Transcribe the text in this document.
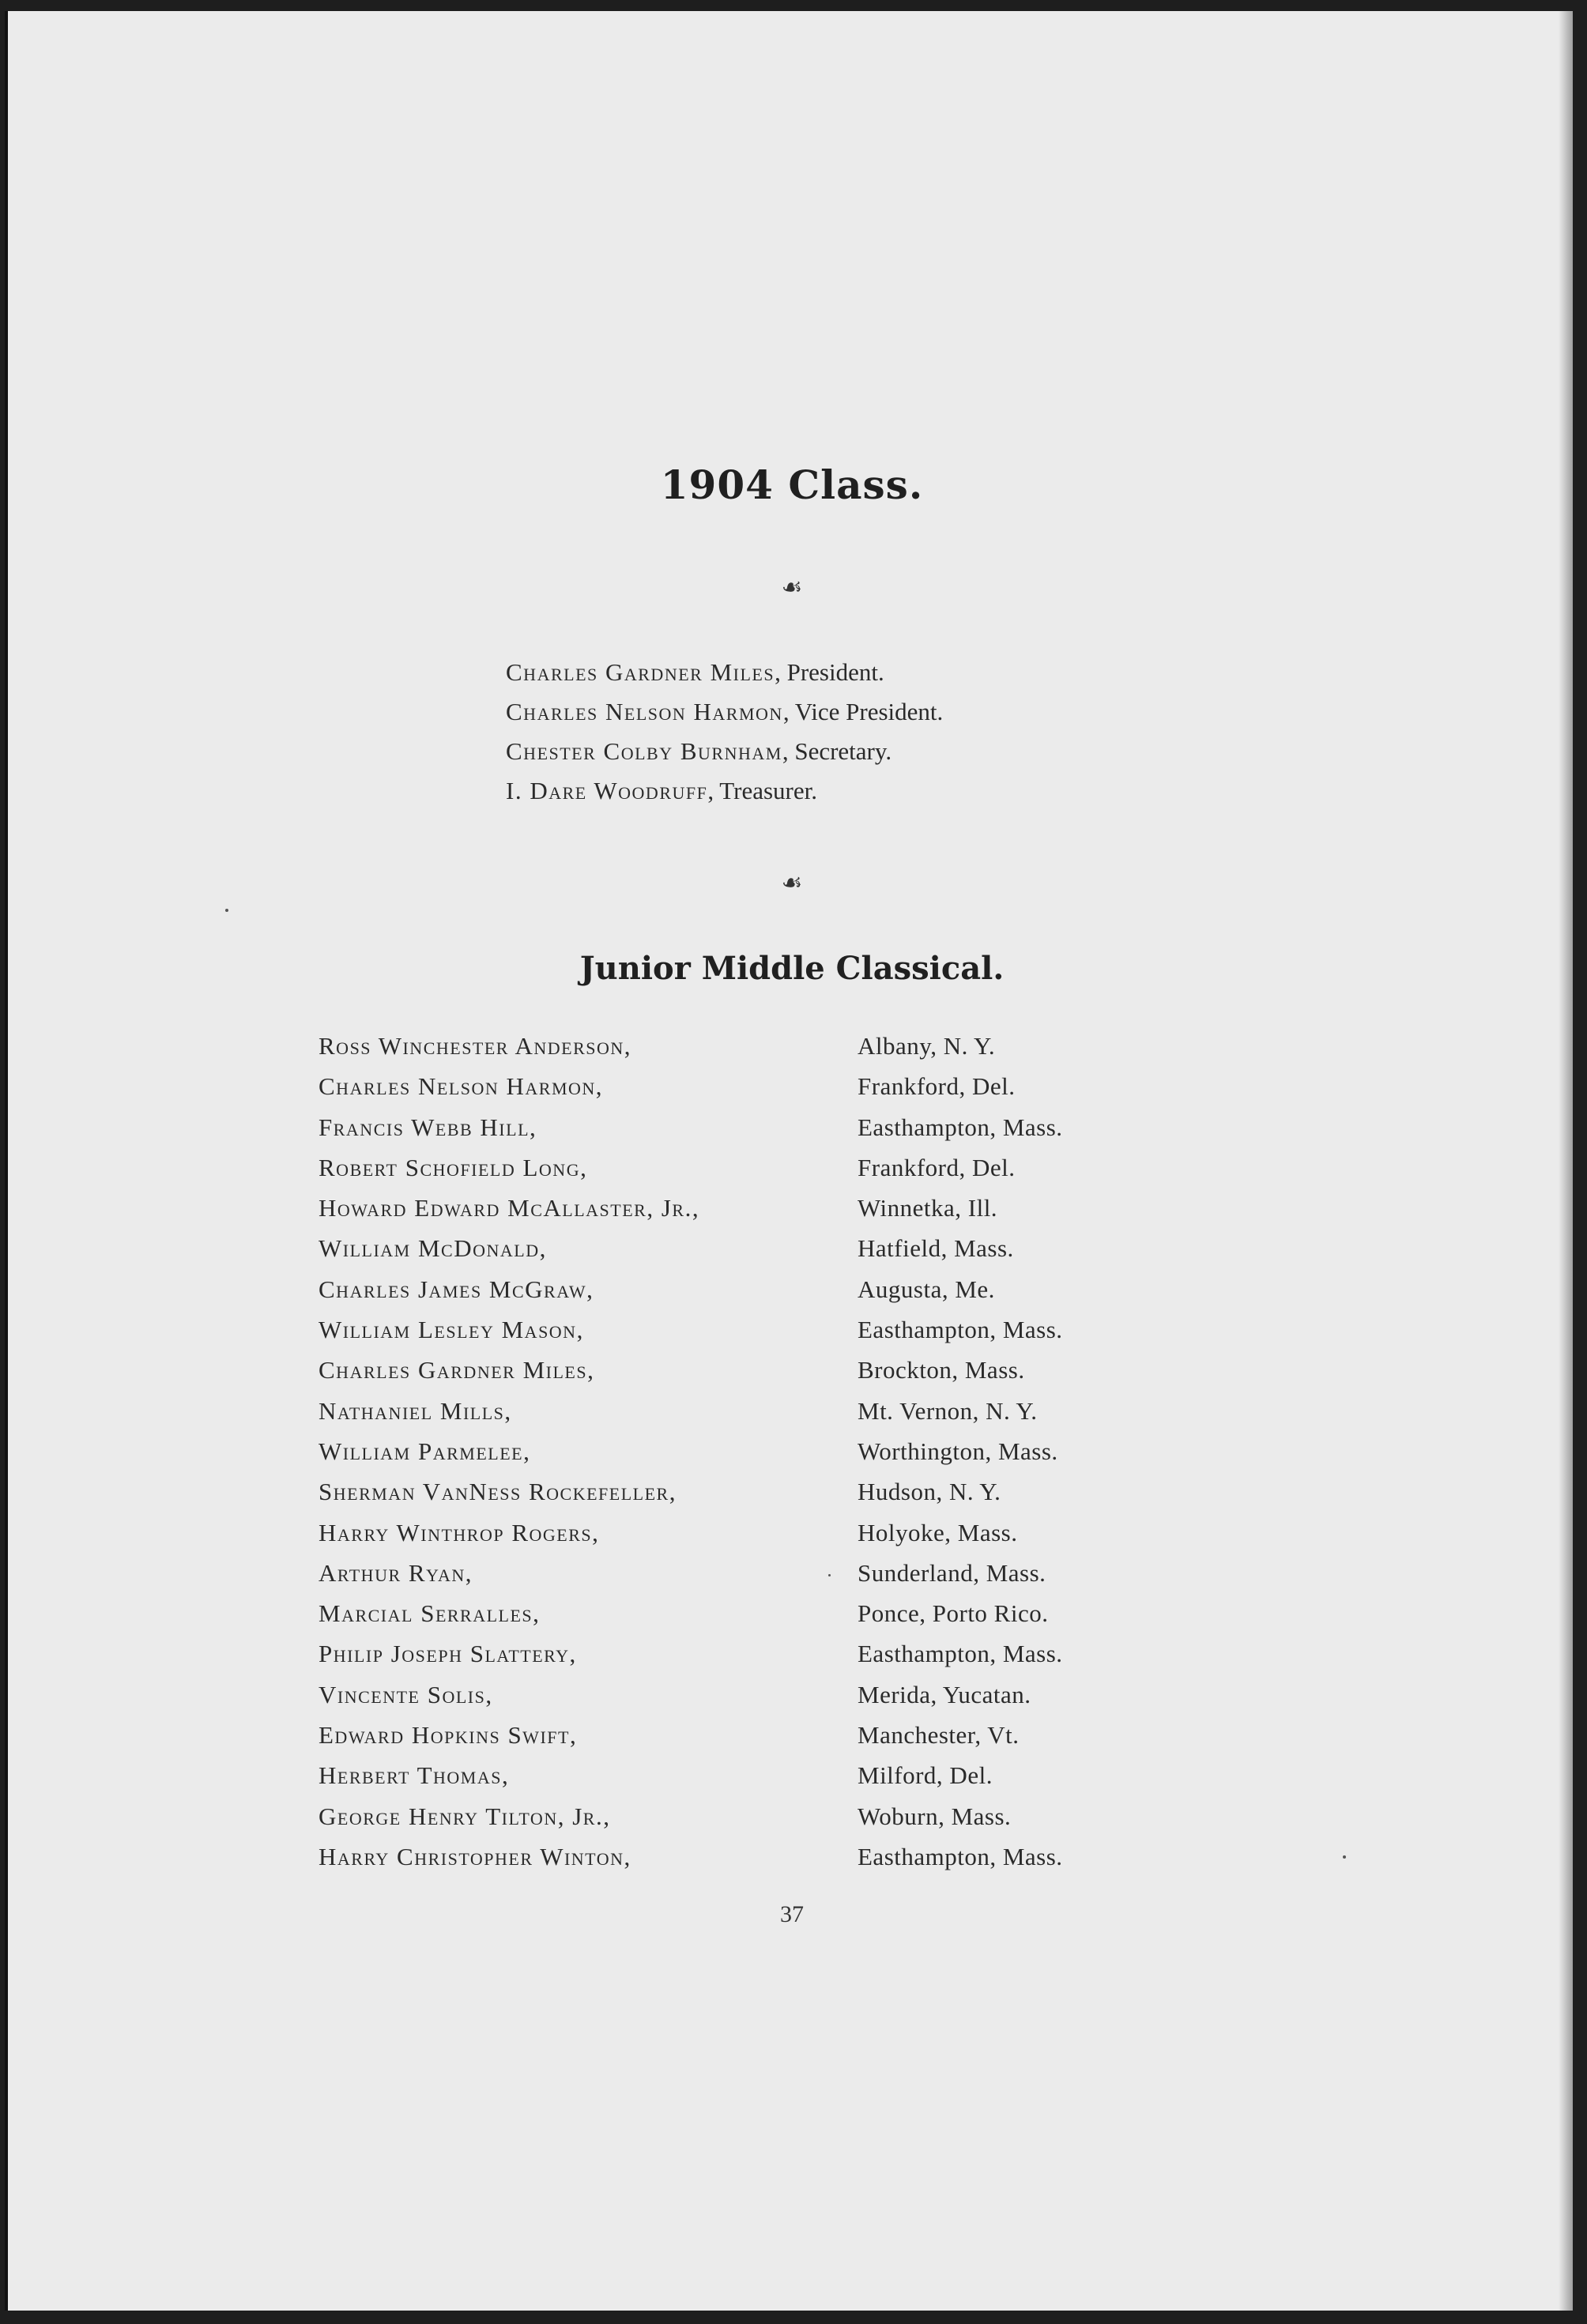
1904 Class.
☙
Charles Gardner Miles, President.
Charles Nelson Harmon, Vice President.
Chester Colby Burnham, Secretary.
I. Dare Woodruff, Treasurer.
☙
Junior Middle Classical.
Ross Winchester Anderson,	Albany, N. Y.
Charles Nelson Harmon,	Frankford, Del.
Francis Webb Hill,	Easthampton, Mass.
Robert Schofield Long,	Frankford, Del.
Howard Edward McAllaster, Jr.,	Winnetka, Ill.
William McDonald,	Hatfield, Mass.
Charles James McGraw,	Augusta, Me.
William Lesley Mason,	Easthampton, Mass.
Charles Gardner Miles,	Brockton, Mass.
Nathaniel Mills,	Mt. Vernon, N. Y.
William Parmelee,	Worthington, Mass.
Sherman VanNess Rockefeller,	Hudson, N. Y.
Harry Winthrop Rogers,	Holyoke, Mass.
Arthur Ryan,	Sunderland, Mass.
Marcial Serralles,	Ponce, Porto Rico.
Philip Joseph Slattery,	Easthampton, Mass.
Vincente Solis,	Merida, Yucatan.
Edward Hopkins Swift,	Manchester, Vt.
Herbert Thomas,	Milford, Del.
George Henry Tilton, Jr.,	Woburn, Mass.
Harry Christopher Winton,	Easthampton, Mass.
37
